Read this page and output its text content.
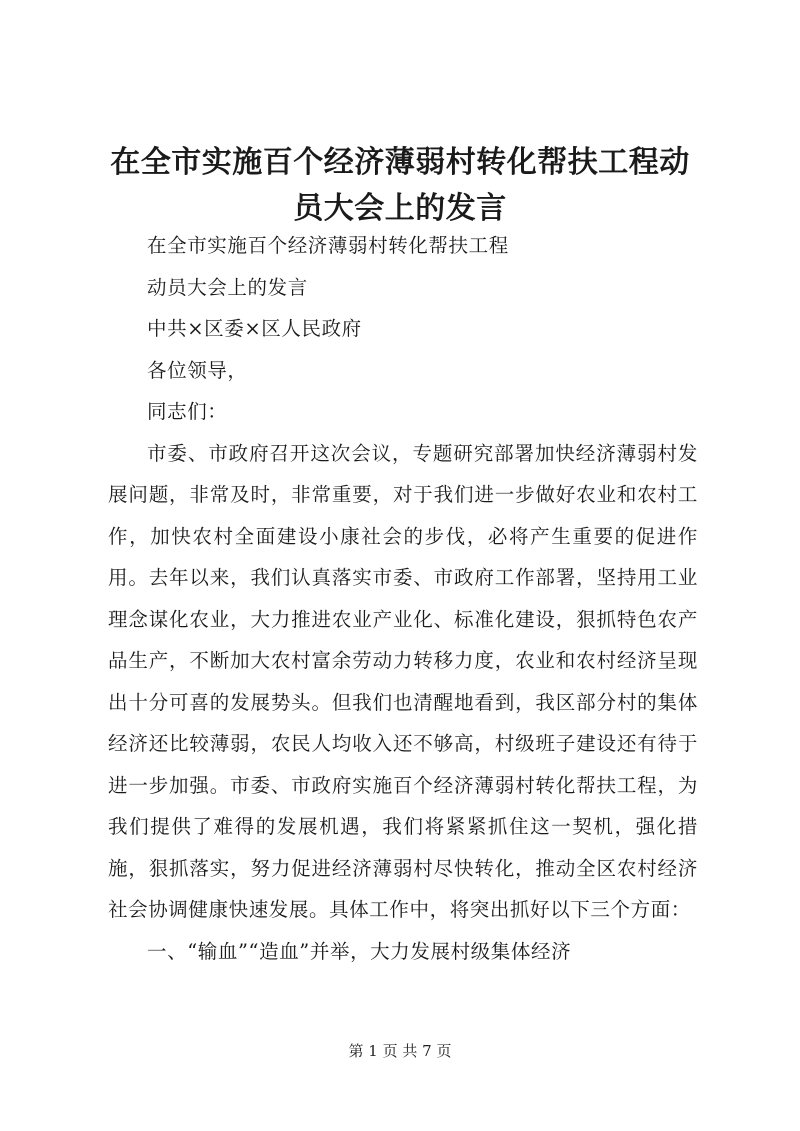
在全市实施百个经济薄弱村转化帮扶工程动员大会上的发言

在全市实施百个经济薄弱村转化帮扶工程

动员大会上的发言

中共×区委×区人民政府

各位领导，

同志们：

市委、市政府召开这次会议，专题研究部署加快经济薄弱村发展问题，非常及时，非常重要，对于我们进一步做好农业和农村工作，加快农村全面建设小康社会的步伐，必将产生重要的促进作用。去年以来，我们认真落实市委、市政府工作部署，坚持用工业理念谋化农业，大力推进农业产业化、标准化建设，狠抓特色农产品生产，不断加大农村富余劳动力转移力度，农业和农村经济呈现出十分可喜的发展势头。但我们也清醒地看到，我区部分村的集体经济还比较薄弱，农民人均收入还不够高，村级班子建设还有待于进一步加强。市委、市政府实施百个经济薄弱村转化帮扶工程，为我们提供了难得的发展机遇，我们将紧紧抓住这一契机，强化措施，狠抓落实，努力促进经济薄弱村尽快转化，推动全区农村经济社会协调健康快速发展。具体工作中，将突出抓好以下三个方面：

一、“输血”“造血”并举，大力发展村级集体经济

第 1 页 共 7 页
